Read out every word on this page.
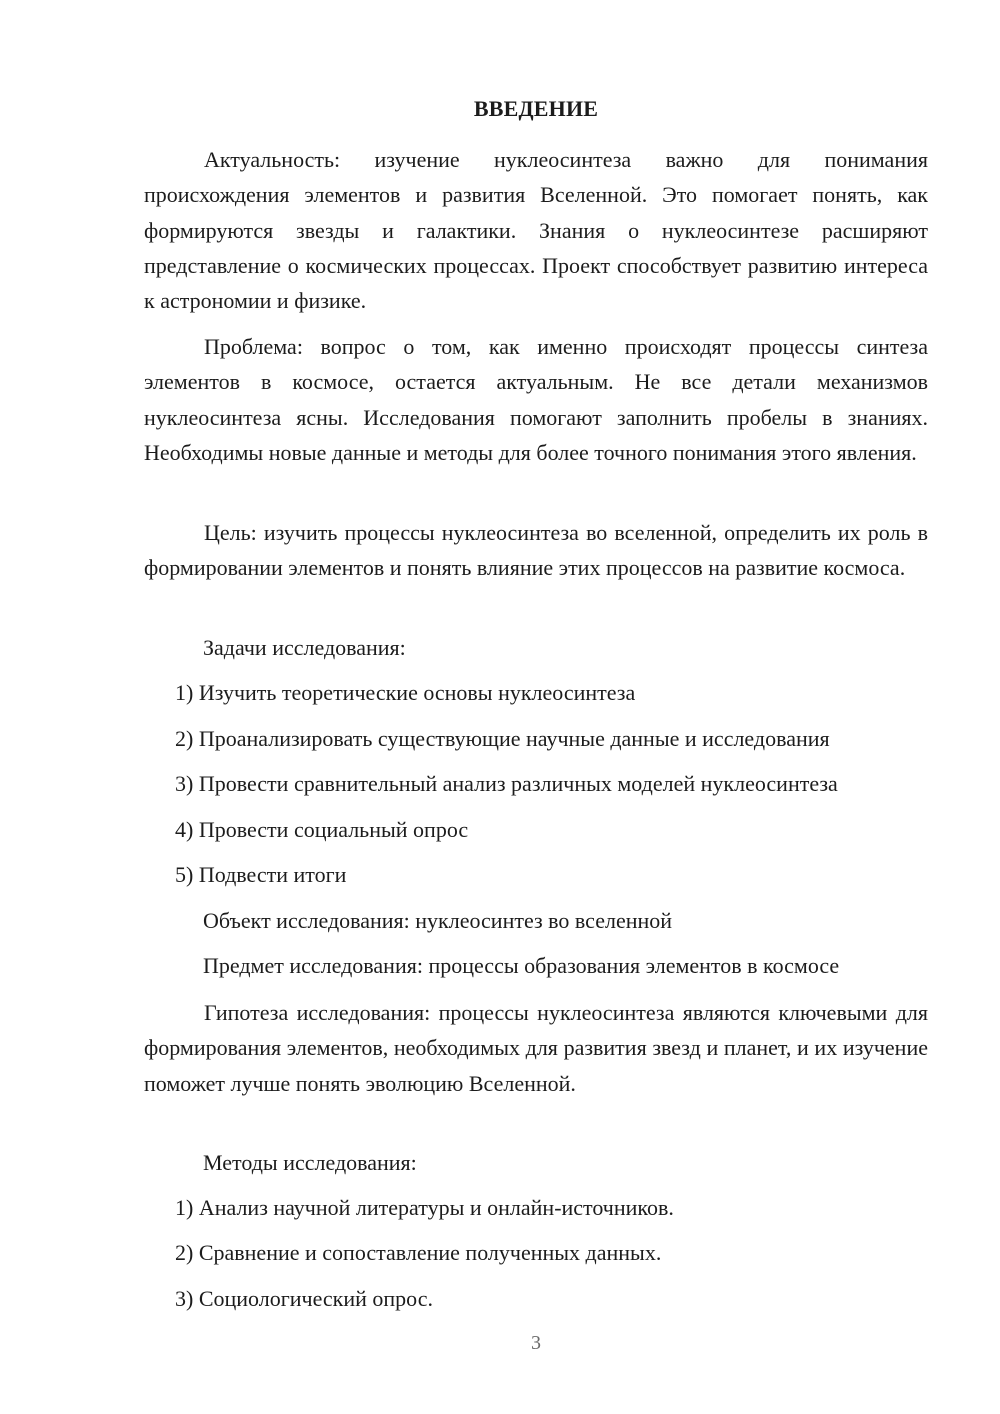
ВВЕДЕНИЕ

Актуальность: изучение нуклеосинтеза важно для понимания происхождения элементов и развития Вселенной. Это помогает понять, как формируются звезды и галактики. Знания о нуклеосинтезе расширяют представление о космических процессах. Проект способствует развитию интереса к астрономии и физике.

Проблема: вопрос о том, как именно происходят процессы синтеза элементов в космосе, остается актуальным. Не все детали механизмов нуклеосинтеза ясны. Исследования помогают заполнить пробелы в знаниях. Необходимы новые данные и методы для более точного понимания этого явления.

Цель: изучить процессы нуклеосинтеза во вселенной, определить их роль в формировании элементов и понять влияние этих процессов на развитие космоса.

Задачи исследования:

1) Изучить теоретические основы нуклеосинтеза

2) Проанализировать существующие научные данные и исследования

3) Провести сравнительный анализ различных моделей нуклеосинтеза

4) Провести социальный опрос

5) Подвести итоги

Объект исследования: нуклеосинтез во вселенной

Предмет исследования: процессы образования элементов в космосе

Гипотеза исследования: процессы нуклеосинтеза являются ключевыми для формирования элементов, необходимых для развития звезд и планет, и их изучение поможет лучше понять эволюцию Вселенной.

Методы исследования:

1) Анализ научной литературы и онлайн-источников.

2) Сравнение и сопоставление полученных данных.

3) Социологический опрос.

3
